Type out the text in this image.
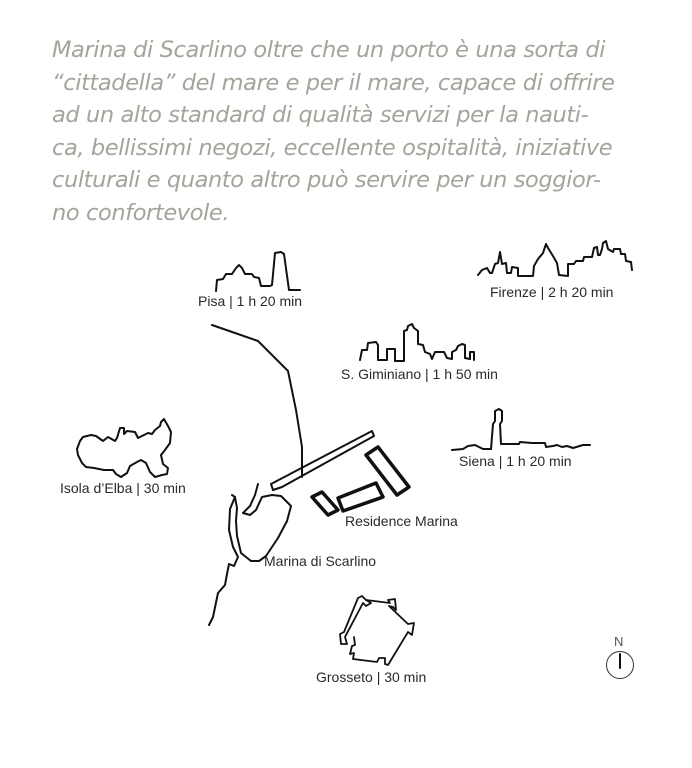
Marina di Scarlino oltre che un porto è una sorta di
“cittadella” del mare e per il mare, capace di offrire
ad un alto standard di qualità servizi per la nauti-
ca, bellissimi negozi, eccellente ospitalità, iniziative
culturali e quanto altro può servire per un soggior-
no confortevole.
Pisa | 1 h 20 min
Firenze | 2 h 20 min
S. Giminiano | 1 h 50 min
Siena | 1 h 20 min
Isola d’Elba | 30 min
Grosseto | 30 min
Residence Marina
Marina di Scarlino
N
